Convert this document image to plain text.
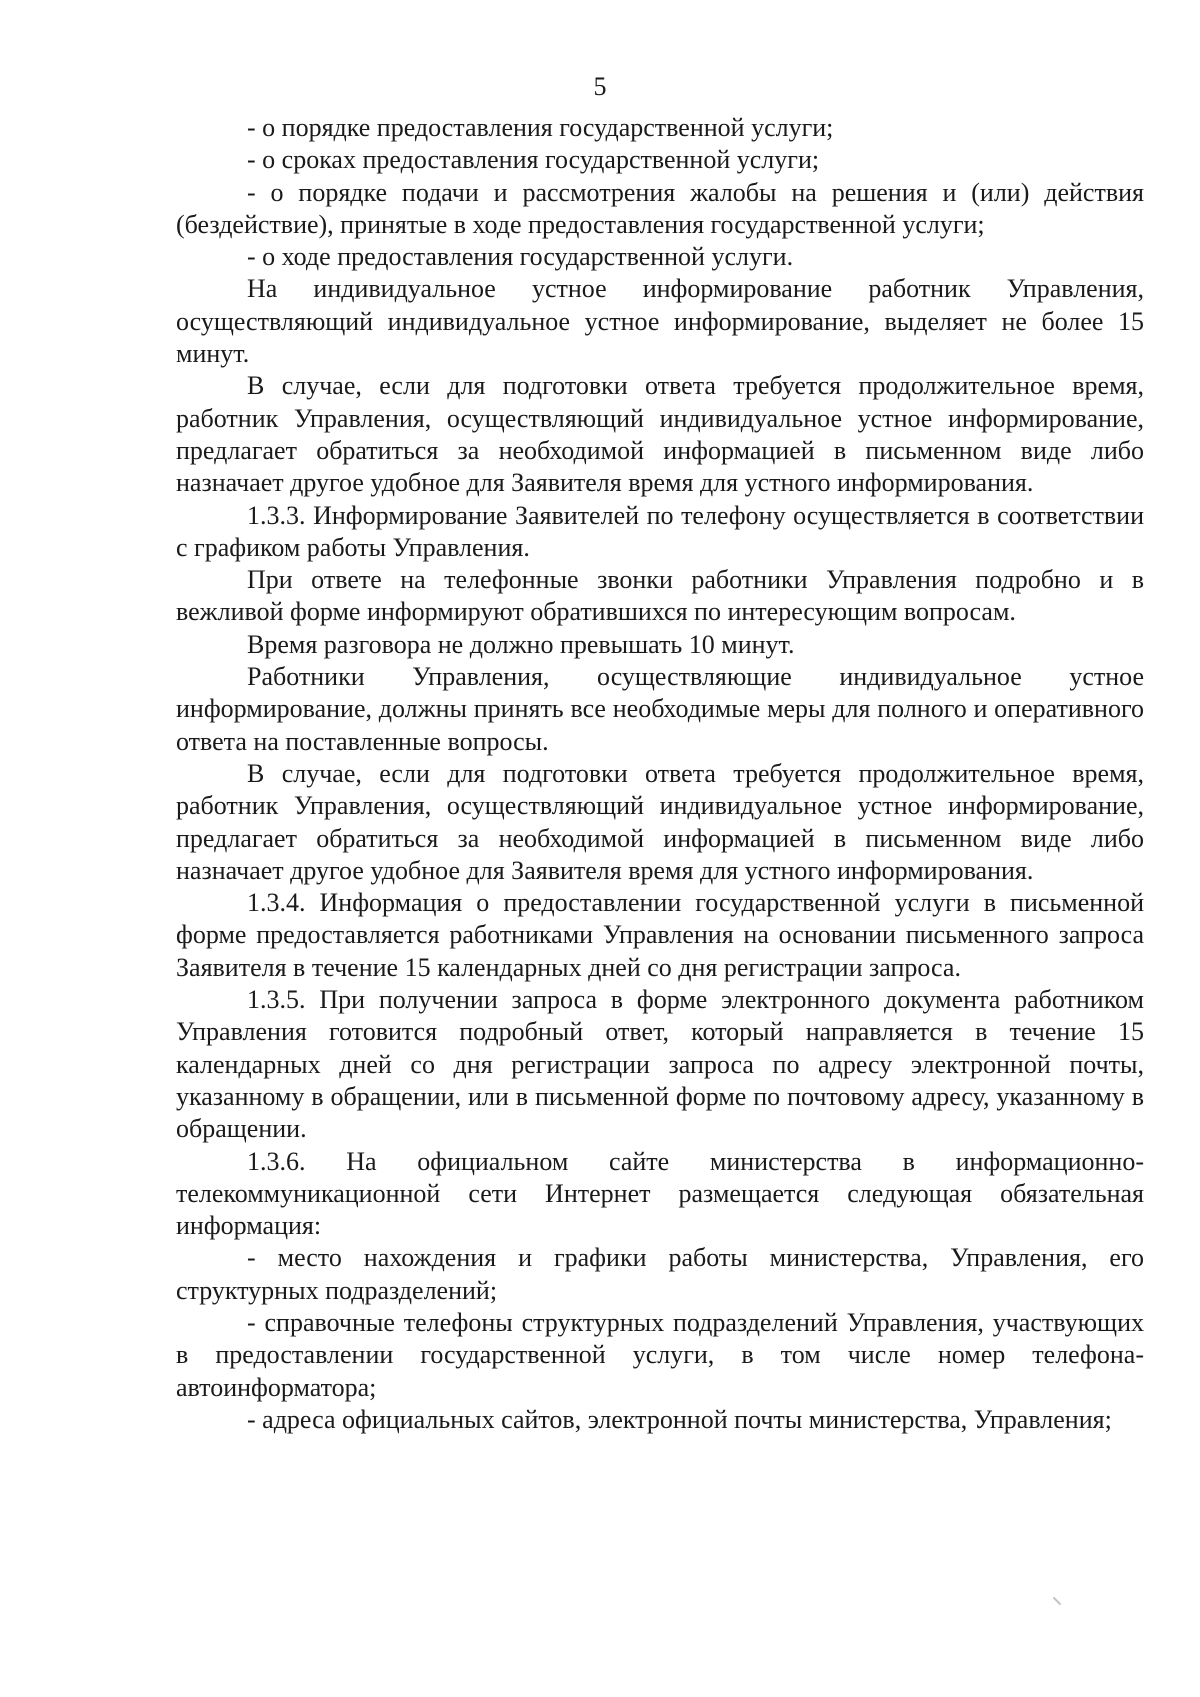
5

- о порядке предоставления государственной услуги;

- о сроках предоставления государственной услуги;

- о порядке подачи и рассмотрения жалобы на решения и (или) действия (бездействие), принятые в ходе предоставления государственной услуги;

- о ходе предоставления государственной услуги.

На индивидуальное устное информирование работник Управления, осуществляющий индивидуальное устное информирование, выделяет не более 15 минут.

В случае, если для подготовки ответа требуется продолжительное время, работник Управления, осуществляющий индивидуальное устное информирование, предлагает обратиться за необходимой информацией в письменном виде либо назначает другое удобное для Заявителя время для устного информирования.

1.3.3. Информирование Заявителей по телефону осуществляется в соответствии с графиком работы Управления.

При ответе на телефонные звонки работники Управления подробно и в вежливой форме информируют обратившихся по интересующим вопросам.

Время разговора не должно превышать 10 минут.

Работники Управления, осуществляющие индивидуальное устное информирование, должны принять все необходимые меры для полного и оперативного ответа на поставленные вопросы.

В случае, если для подготовки ответа требуется продолжительное время, работник Управления, осуществляющий индивидуальное устное информирование, предлагает обратиться за необходимой информацией в письменном виде либо назначает другое удобное для Заявителя время для устного информирования.

1.3.4. Информация о предоставлении государственной услуги в письменной форме предоставляется работниками Управления на основании письменного запроса Заявителя в течение 15 календарных дней со дня регистрации запроса.

1.3.5. При получении запроса в форме электронного документа работником Управления готовится подробный ответ, который направляется в течение 15 календарных дней со дня регистрации запроса по адресу электронной почты, указанному в обращении, или в письменной форме по почтовому адресу, указанному в обращении.

1.3.6. На официальном сайте министерства в информационно-телекоммуникационной сети Интернет размещается следующая обязательная информация:

- место нахождения и графики работы министерства, Управления, его структурных подразделений;

- справочные телефоны структурных подразделений Управления, участвующих в предоставлении государственной услуги, в том числе номер телефона-автоинформатора;

- адреса официальных сайтов, электронной почты министерства, Управления;
